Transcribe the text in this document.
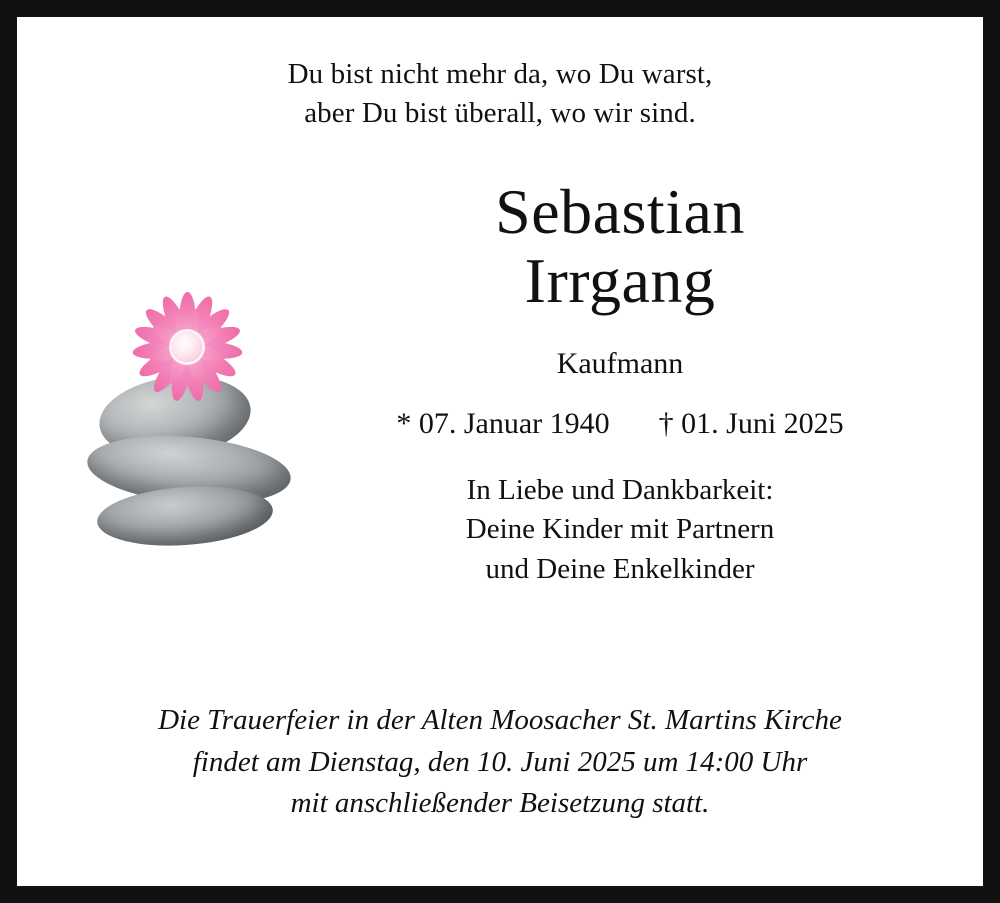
Du bist nicht mehr da, wo Du warst,
aber Du bist überall, wo wir sind.
Sebastian
Irrgang
Kaufmann
* 07. Januar 1940 † 01. Juni 2025
In Liebe und Dankbarkeit:
Deine Kinder mit Partnern
und Deine Enkelkinder
Die Trauerfeier in der Alten Moosacher St. Martins Kirche
findet am Dienstag, den 10. Juni 2025 um 14:00 Uhr
mit anschließender Beisetzung statt.
